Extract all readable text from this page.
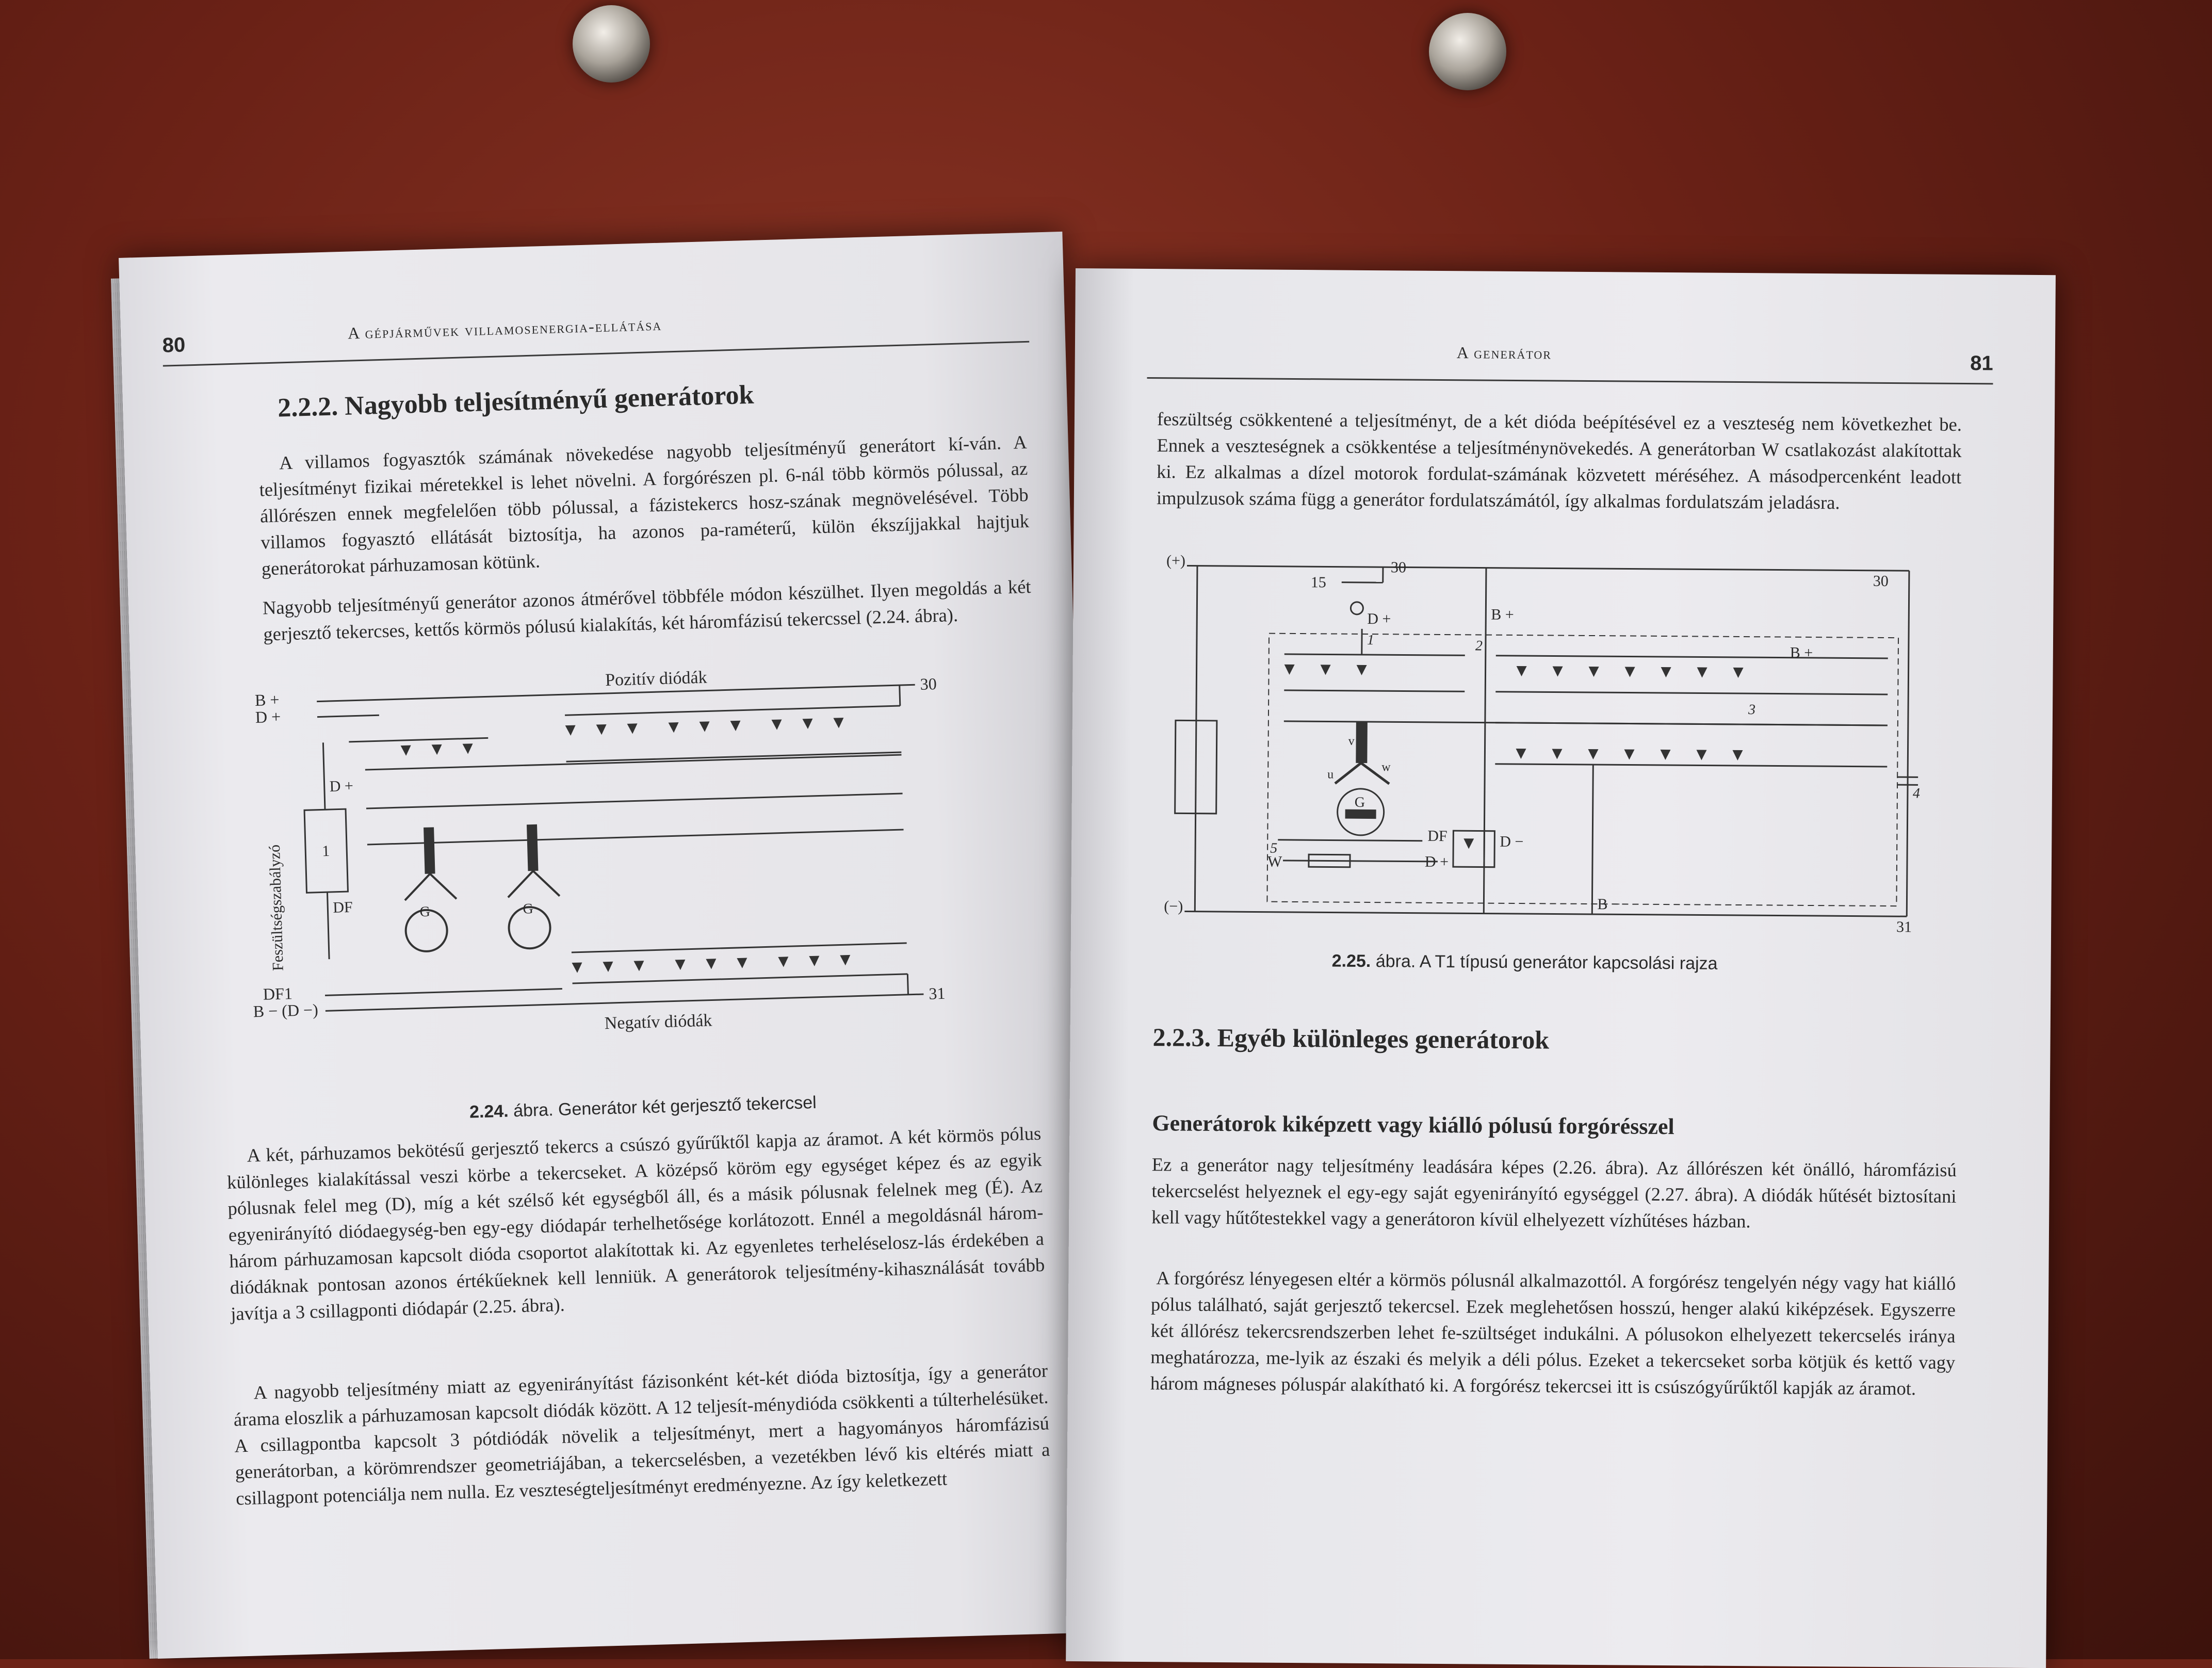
80
A gépjárművek villamosenergia-ellátása
2.2.2. Nagyobb teljesítményű generátorok

A villamos fogyasztók számának növekedése nagyobb teljesítményű generátort kí-ván. A teljesítményt fizikai méretekkel is lehet növelni. A forgórészen pl. 6-nál több körmös pólussal, az állórészen ennek megfelelően több pólussal, a fázistekercs hosz-szának megnövelésével. Több villamos fogyasztó ellátását biztosítja, ha azonos pa-raméterű, külön ékszíjjakkal hajtjuk generátorokat párhuzamosan kötünk.

Nagyobb teljesítményű generátor azonos átmérővel többféle módon készülhet. Ilyen megoldás a két gerjesztő tekercses, kettős körmös pólusú kialakítás, két háromfázisú tekercssel (2.24. ábra).

B +
D +
D +
1
DF
DF1
B − (D −)
Pozitív diódák
Negatív diódák
30
31
G	G
Feszültségszabályzó
2.24. ábra. Generátor két gerjesztő tekercsel

A két, párhuzamos bekötésű gerjesztő tekercs a csúszó gyűrűktől kapja az áramot. A két körmös pólus különleges kialakítással veszi körbe a tekercseket. A középső köröm egy egységet képez és az egyik pólusnak felel meg (D), míg a két szélső két egységből áll, és a másik pólusnak felelnek meg (É). Az egyenirányító diódaegység-ben egy-egy diódapár terhelhetősége korlátozott. Ennél a megoldásnál három-három párhuzamosan kapcsolt dióda csoportot alakítottak ki. Az egyenletes terheléselosz-lás érdekében a diódáknak pontosan azonos értékűeknek kell lenniük. A generátorok teljesítmény-kihasználását tovább javítja a 3 csillagponti diódapár (2.25. ábra).

A nagyobb teljesítmény miatt az egyenirányítást fázisonként két-két dióda biztosítja, így a generátor árama eloszlik a párhuzamosan kapcsolt diódák között. A 12 teljesít-ménydióda csökkenti a túlterhelésüket. A csillagpontba kapcsolt 3 pótdiódák növelik a teljesítményt, mert a hagyományos háromfázisú generátorban, a körömrendszer geometriájában, a tekercselésben, a vezetékben lévő kis eltérés miatt a csillagpont potenciálja nem nulla. Ez veszteségteljesítményt eredményezne. Az így keletkezett

A generátor	81

feszültség csökkentené a teljesítményt, de a két dióda beépítésével ez a veszteség nem következhet be. Ennek a veszteségnek a csökkentése a teljesítménynövekedés. A generátorban W csatlakozást alakítottak ki. Ez alkalmas a dízel motorok fordulat-számának közvetett méréséhez. A másodpercenként leadott impulzusok száma függ a generátor fordulatszámától, így alkalmas fordulatszám jeladásra.

(+)
(−)
15
30
30
31
D +
1	2
3
4
5
B +
B +
B −
W
DF	D −
D +
G
u
v
w
2.25. ábra. A T1 típusú generátor kapcsolási rajza
2.2.3. Egyéb különleges generátorok
Generátorok kiképzett vagy kiálló pólusú forgórésszel

Ez a generátor nagy teljesítmény leadására képes (2.26. ábra). Az állórészen két önálló, háromfázisú tekercselést helyeznek el egy-egy saját egyenirányító egységgel (2.27. ábra). A diódák hűtését biztosítani kell vagy hűtőtestekkel vagy a generátoron kívül elhelyezett vízhűtéses házban.

A forgórész lényegesen eltér a körmös pólusnál alkalmazottól. A forgórész tengelyén négy vagy hat kiálló pólus található, saját gerjesztő tekercsel. Ezek meglehetősen hosszú, henger alakú kiképzések. Egyszerre két állórész tekercsrendszerben lehet fe-szültséget indukálni. A pólusokon elhelyezett tekercselés iránya meghatározza, me-lyik az északi és melyik a déli pólus. Ezeket a tekercseket sorba kötjük és kettő vagy három mágneses póluspár alakítható ki. A forgórész tekercsei itt is csúszógyűrűktől kapják az áramot.
